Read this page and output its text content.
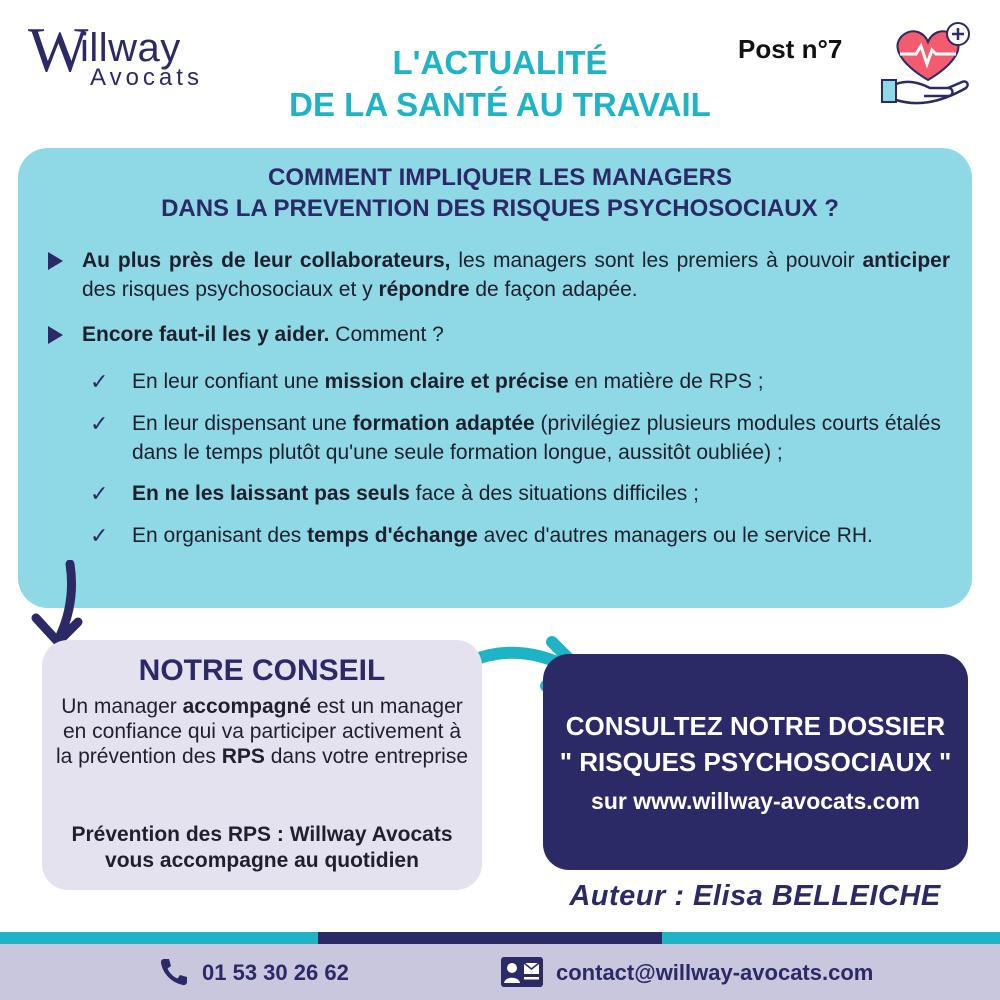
W
illway
Avocats	L'ACTUALITÉ
DE LA SANTÉ AU TRAVAIL
Post n°7
COMMENT IMPLIQUER LES MANAGERS
DANS LA PREVENTION DES RISQUES PSYCHOSOCIAUX ?
Au plus près de leur collaborateurs, les managers sont les premiers à pouvoir anticiper des risques psychosociaux et y répondre de façon adapée.
Encore faut-il les y aider. Comment ?
✓ En leur confiant une mission claire et précise en matière de RPS ;
✓ En leur dispensant une formation adaptée (privilégiez plusieurs modules courts étalés dans le temps plutôt qu'une seule formation longue, aussitôt oubliée) ;
✓ En ne les laissant pas seuls face à des situations difficiles ;
✓ En organisant des temps d'échange avec d'autres managers ou le service RH.
NOTRE CONSEIL
Un manager accompagné est un manager en confiance qui va participer activement à la prévention des RPS dans votre entreprise
Prévention des RPS : Willway Avocats vous accompagne au quotidien
CONSULTEZ NOTRE DOSSIER
" RISQUES PSYCHOSOCIAUX "
sur www.willway-avocats.com
Auteur : Elisa BELLEICHE
01 53 30 26 62	contact@willway-avocats.com
